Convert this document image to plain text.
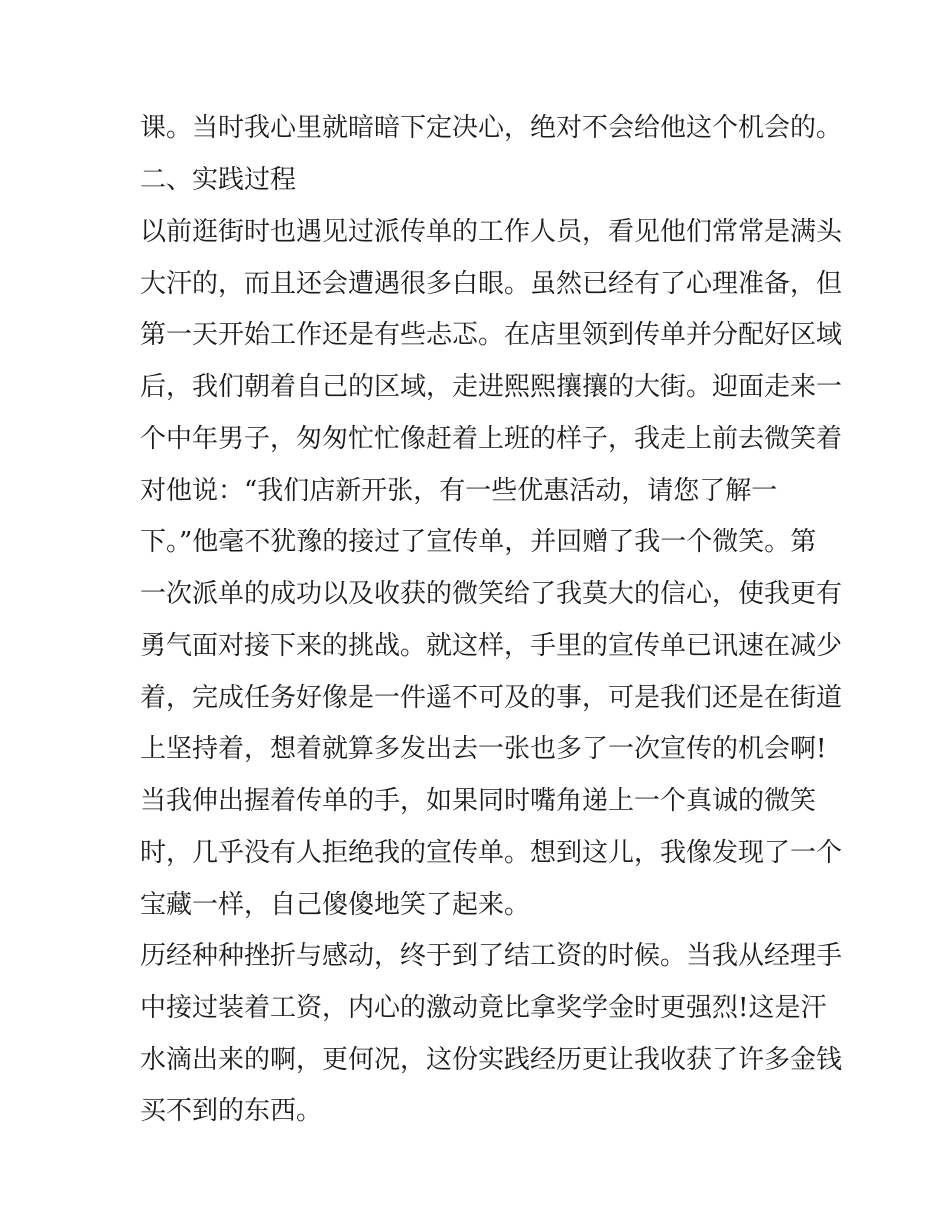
课。当时我心里就暗暗下定决心，绝对不会给他这个机会的。

二、实践过程

以前逛街时也遇见过派传单的工作人员，看见他们常常是满头

大汗的，而且还会遭遇很多白眼。虽然已经有了心理准备，但

第一天开始工作还是有些忐忑。在店里领到传单并分配好区域

后，我们朝着自己的区域，走进熙熙攘攘的大街。迎面走来一

个中年男子，匆匆忙忙像赶着上班的样子，我走上前去微笑着

对他说：“我们店新开张，有一些优惠活动，请您了解一

下。”他毫不犹豫的接过了宣传单，并回赠了我一个微笑。第

一次派单的成功以及收获的微笑给了我莫大的信心，使我更有

勇气面对接下来的挑战。就这样，手里的宣传单已讯速在减少

着，完成任务好像是一件遥不可及的事，可是我们还是在街道

上坚持着，想着就算多发出去一张也多了一次宣传的机会啊!

当我伸出握着传单的手，如果同时嘴角递上一个真诚的微笑

时，几乎没有人拒绝我的宣传单。想到这儿，我像发现了一个

宝藏一样，自己傻傻地笑了起来。

历经种种挫折与感动，终于到了结工资的时候。当我从经理手

中接过装着工资，内心的激动竟比拿奖学金时更强烈!这是汗

水滴出来的啊，更何况，这份实践经历更让我收获了许多金钱

买不到的东西。
